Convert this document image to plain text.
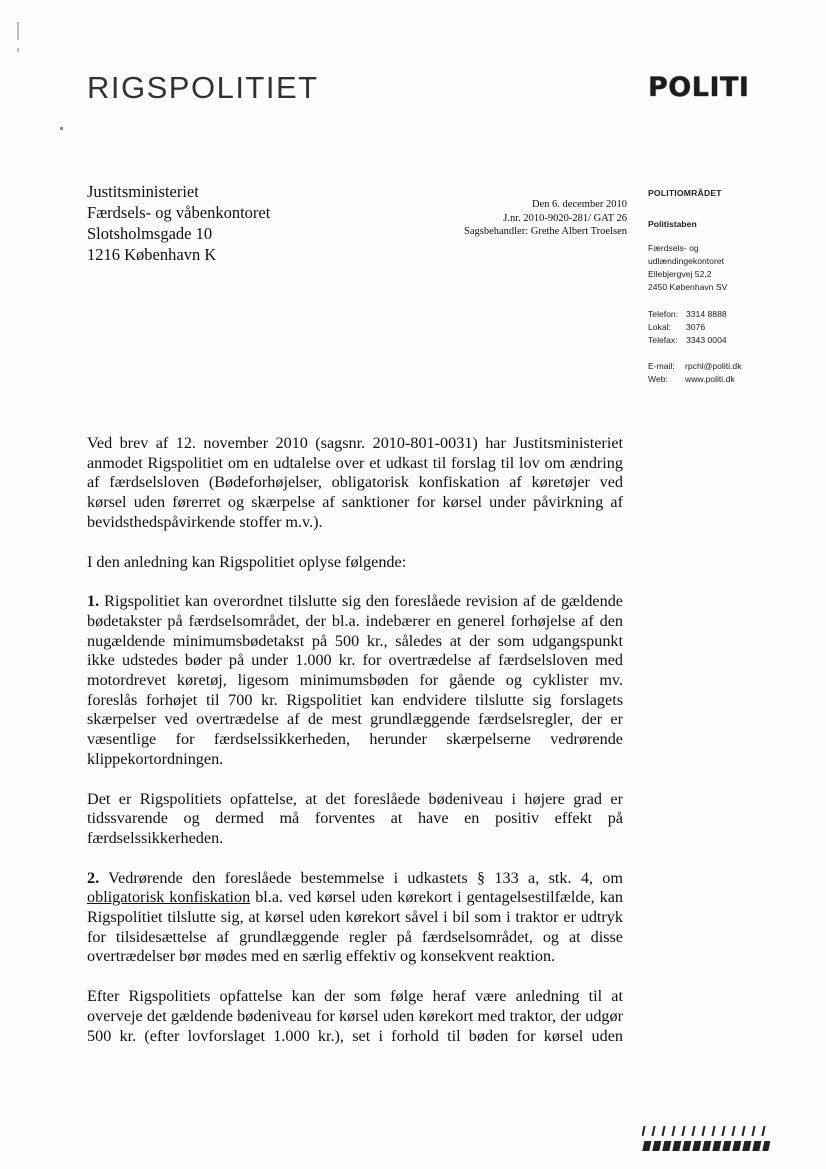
RIGSPOLITIET	POLITI
Justitsministeriet
Færdsels- og våbenkontoret
Slotsholmsgade 10
1216 København K
Den 6. december 2010
J.nr. 2010-9020-281/ GAT 26
Sagsbehandler: Grethe Albert Troelsen
POLITIOMRÅDET
Politistaben
Færdsels- og
udlændingekontoret
Ellebjergvej 52,2
2450 København SV
Telefon: 3314 8888
Lokal:	3076
Telefax: 3343 0004
E-mail:	rpchl@politi.dk
Web:	www.politi.dk
Ved brev af 12. november 2010 (sagsnr. 2010-801-0031) har Justitsministeriet
anmodet Rigspolitiet om en udtalelse over et udkast til forslag til lov om ændring
af færdselsloven (Bødeforhøjelser, obligatorisk konfiskation af køretøjer ved
kørsel uden førerret og skærpelse af sanktioner for kørsel under påvirkning af
bevidsthedspåvirkende stoffer m.v.).
I den anledning kan Rigspolitiet oplyse følgende:
1. Rigspolitiet kan overordnet tilslutte sig den foreslåede revision af de gældende
bødetakster på færdselsområdet, der bl.a. indebærer en generel forhøjelse af den
nugældende minimumsbødetakst på 500 kr., således at der som udgangspunkt
ikke udstedes bøder på under 1.000 kr. for overtrædelse af færdselsloven med
motordrevet køretøj, ligesom minimumsbøden for gående og cyklister mv.
foreslås forhøjet til 700 kr. Rigspolitiet kan endvidere tilslutte sig forslagets
skærpelser ved overtrædelse af de mest grundlæggende færdselsregler, der er
væsentlige for færdselssikkerheden, herunder skærpelserne vedrørende
klippekortordningen.
Det er Rigspolitiets opfattelse, at det foreslåede bødeniveau i højere grad er
tidssvarende og dermed må forventes at have en positiv effekt på
færdselssikkerheden.
2. Vedrørende den foreslåede bestemmelse i udkastets § 133 a, stk. 4, om
obligatorisk konfiskation bl.a. ved kørsel uden kørekort i gentagelsestilfælde, kan
Rigspolitiet tilslutte sig, at kørsel uden kørekort såvel i bil som i traktor er udtryk
for tilsidesættelse af grundlæggende regler på færdselsområdet, og at disse
overtrædelser bør mødes med en særlig effektiv og konsekvent reaktion.
Efter Rigspolitiets opfattelse kan der som følge heraf være anledning til at
overveje det gældende bødeniveau for kørsel uden kørekort med traktor, der udgør
500 kr. (efter lovforslaget 1.000 kr.), set i forhold til bøden for kørsel uden
